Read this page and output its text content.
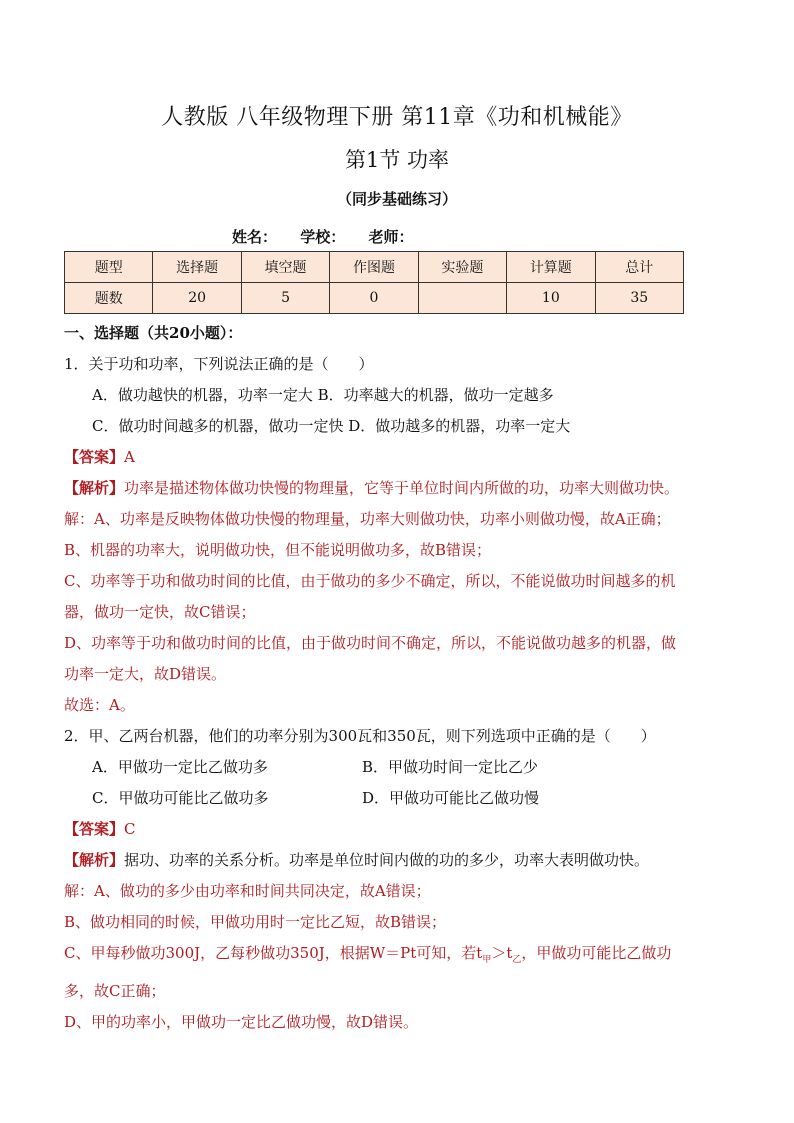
人教版 八年级物理下册 第11章《功和机械能》
第1节 功率
（同步基础练习）
姓名： 学校： 老师：
题型	选择题	填空题	作图题	实验题	计算题	总计
题数	20	5	0		10	35
一、选择题（共20小题）：
1．关于功和功率，下列说法正确的是（　　）
A．做功越快的机器，功率一定大 B．功率越大的机器，做功一定越多
C．做功时间越多的机器，做功一定快 D．做功越多的机器，功率一定大
【答案】A
【解析】功率是描述物体做功快慢的物理量，它等于单位时间内所做的功，功率大则做功快。
解：A、功率是反映物体做功快慢的物理量，功率大则做功快，功率小则做功慢，故A正确；
B、机器的功率大，说明做功快，但不能说明做功多，故B错误；
C、功率等于功和做功时间的比值，由于做功的多少不确定，所以，不能说做功时间越多的机
器，做功一定快，故C错误；
D、功率等于功和做功时间的比值，由于做功时间不确定，所以，不能说做功越多的机器，做
功率一定大，故D错误。
故选：A。
2．甲、乙两台机器，他们的功率分别为300瓦和350瓦，则下列选项中正确的是（　　）
A．甲做功一定比乙做功多	B．甲做功时间一定比乙少
C．甲做功可能比乙做功多	D．甲做功可能比乙做功慢
【答案】C
【解析】据功、功率的关系分析。功率是单位时间内做的功的多少，功率大表明做功快。
解：A、做功的多少由功率和时间共同决定，故A错误；
B、做功相同的时候，甲做功用时一定比乙短，故B错误；
C、甲每秒做功300J，乙每秒做功350J，根据W＝Pt可知，若$t_甲>t_乙$，甲做功可能比乙做功
多，故C正确；
D、甲的功率小，甲做功一定比乙做功慢，故D错误。
